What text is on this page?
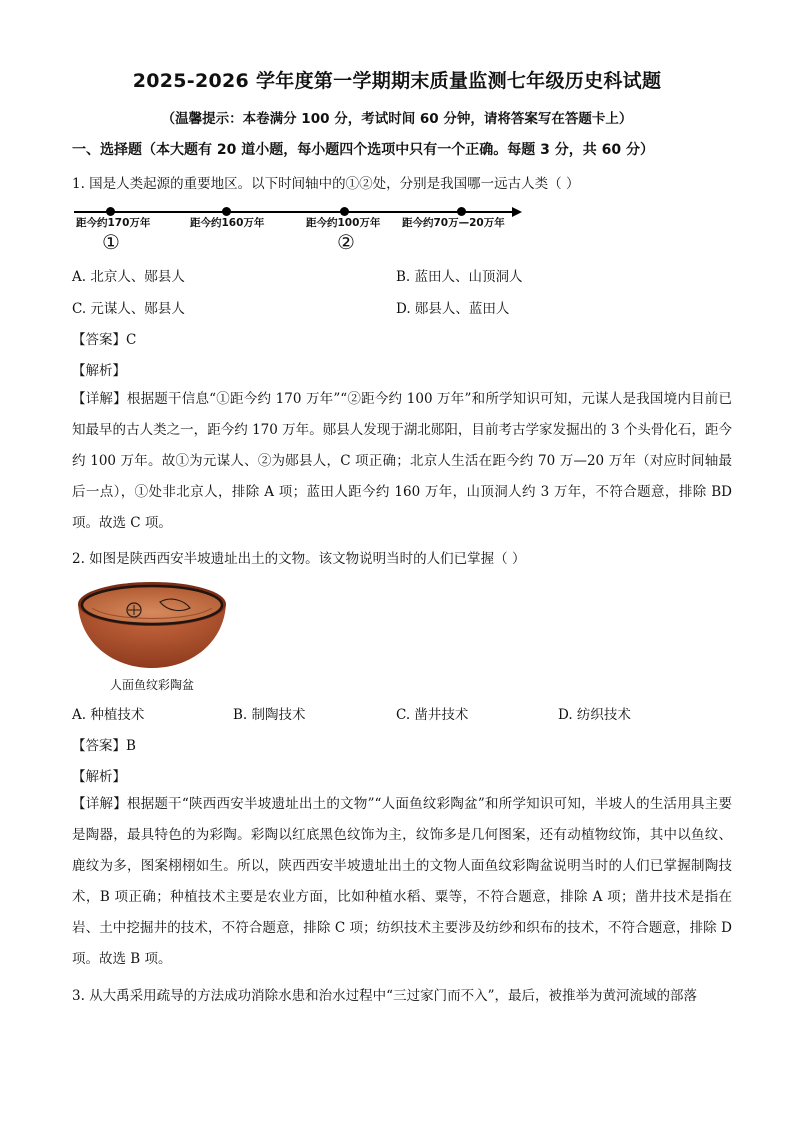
2025-2026 学年度第一学期期末质量监测七年级历史科试题
（温馨提示：本卷满分 100 分，考试时间 60 分钟，请将答案写在答题卡上）
一、选择题（本大题有 20 道小题，每小题四个选项中只有一个正确。每题 3 分，共 60 分）
1. 国是人类起源的重要地区。以下时间轴中的①②处，分别是我国哪一远古人类（ ）
距今约170万年	距今约160万年	距今约100万年 距今约70万—20万年
①	②
A. 北京人、郧县人	B. 蓝田人、山顶洞人
C. 元谋人、郧县人	D. 郧县人、蓝田人
【答案】C
【解析】
【详解】根据题干信息“①距今约 170 万年”“②距今约 100 万年”和所学知识可知，元谋人是我国境内目前已知最早的古人类之一，距今约 170 万年。郧县人发现于湖北郧阳，目前考古学家发掘出的 3 个头骨化石，距今约 100 万年。故①为元谋人、②为郧县人，C 项正确；北京人生活在距今约 70 万—20 万年（对应时间轴最后一点），①处非北京人，排除 A 项；蓝田人距今约 160 万年，山顶洞人约 3 万年，不符合题意，排除 BD 项。故选 C 项。
2. 如图是陕西西安半坡遗址出土的文物。该文物说明当时的人们已掌握（ ）
人面鱼纹彩陶盆
A. 种植技术	B. 制陶技术	C. 凿井技术	D. 纺织技术
【答案】B
【解析】
【详解】根据题干“陕西西安半坡遗址出土的文物”“人面鱼纹彩陶盆”和所学知识可知，半坡人的生活用具主要是陶器，最具特色的为彩陶。彩陶以红底黑色纹饰为主，纹饰多是几何图案，还有动植物纹饰，其中以鱼纹、鹿纹为多，图案栩栩如生。所以，陕西西安半坡遗址出土的文物人面鱼纹彩陶盆说明当时的人们已掌握制陶技术，B 项正确；种植技术主要是农业方面，比如种植水稻、粟等，不符合题意，排除 A 项；凿井技术是指在岩、土中挖掘井的技术，不符合题意，排除 C 项；纺织技术主要涉及纺纱和织布的技术，不符合题意，排除 D 项。故选 B 项。
3. 从大禹采用疏导的方法成功消除水患和治水过程中“三过家门而不入”，最后，被推举为黄河流域的部落
